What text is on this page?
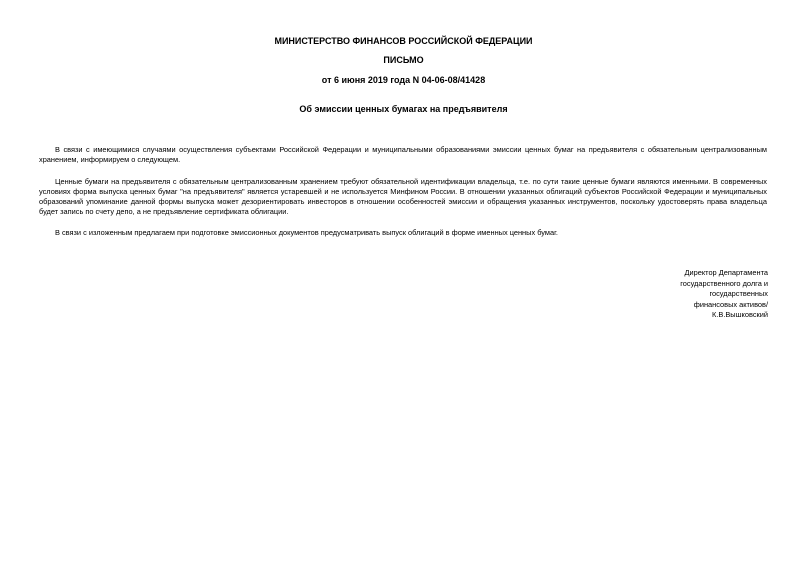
МИНИСТЕРСТВО ФИНАНСОВ РОССИЙСКОЙ ФЕДЕРАЦИИ
ПИСЬМО
от 6 июня 2019 года N 04-06-08/41428
Об эмиссии ценных бумагах на предъявителя

В связи с имеющимися случаями осуществления субъектами Российской Федерации и муниципальными образованиями эмиссии ценных бумаг на предъявителя с обязательным централизованным хранением, информируем о следующем.

Ценные бумаги на предъявителя с обязательным централизованным хранением требуют обязательной идентификации владельца, т.е. по сути такие ценные бумаги являются именными. В современных условиях форма выпуска ценных бумаг "на предъявителя" является устаревшей и не используется Минфином России. В отношении указанных облигаций субъектов Российской Федерации и муниципальных образований упоминание данной формы выпуска может дезориентировать инвесторов в отношении особенностей эмиссии и обращения указанных инструментов, поскольку удостоверять права владельца будет запись по счету депо, а не предъявление сертификата облигации.

В связи с изложенным предлагаем при подготовке эмиссионных документов предусматривать выпуск облигаций в форме именных ценных бумаг.

Директор Департамента
государственного долга и
государственных
финансовых активов/
К.В.Вышковский
